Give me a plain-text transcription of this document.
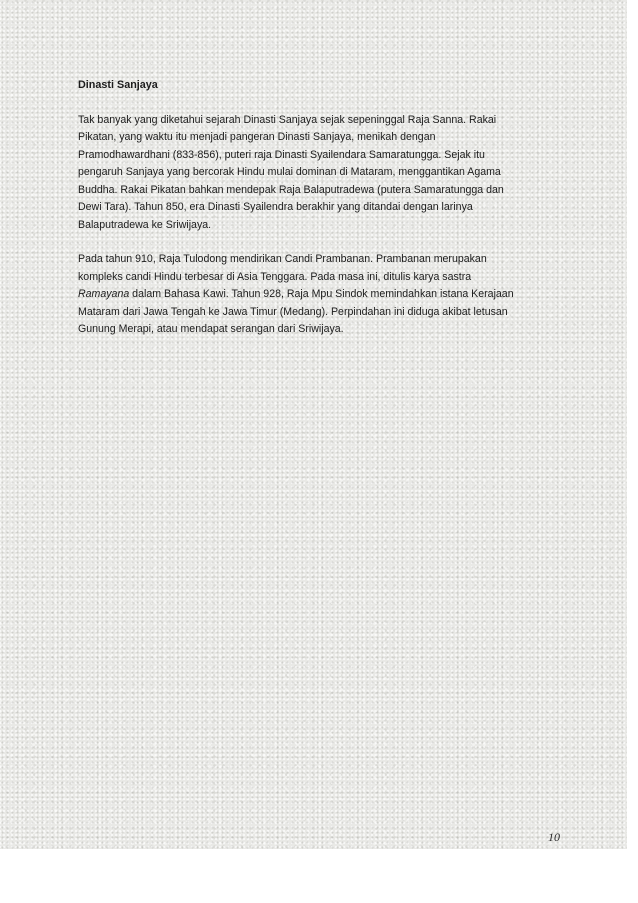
Dinasti Sanjaya
Tak banyak yang diketahui sejarah Dinasti Sanjaya sejak sepeninggal Raja Sanna. Rakai
Pikatan, yang waktu itu menjadi pangeran Dinasti Sanjaya, menikah dengan
Pramodhawardhani (833-856), puteri raja Dinasti Syailendara Samaratungga. Sejak itu
pengaruh Sanjaya yang bercorak Hindu mulai dominan di Mataram, menggantikan Agama
Buddha. Rakai Pikatan bahkan mendepak Raja Balaputradewa (putera Samaratungga dan
Dewi Tara). Tahun 850, era Dinasti Syailendra berakhir yang ditandai dengan larinya
Balaputradewa ke Sriwijaya.
Pada tahun 910, Raja Tulodong mendirikan Candi Prambanan. Prambanan merupakan
kompleks candi Hindu terbesar di Asia Tenggara. Pada masa ini, ditulis karya sastra
Ramayana dalam Bahasa Kawi. Tahun 928, Raja Mpu Sindok memindahkan istana Kerajaan
Mataram dari Jawa Tengah ke Jawa Timur (Medang). Perpindahan ini diduga akibat letusan
Gunung Merapi, atau mendapat serangan dari Sriwijaya.
10
